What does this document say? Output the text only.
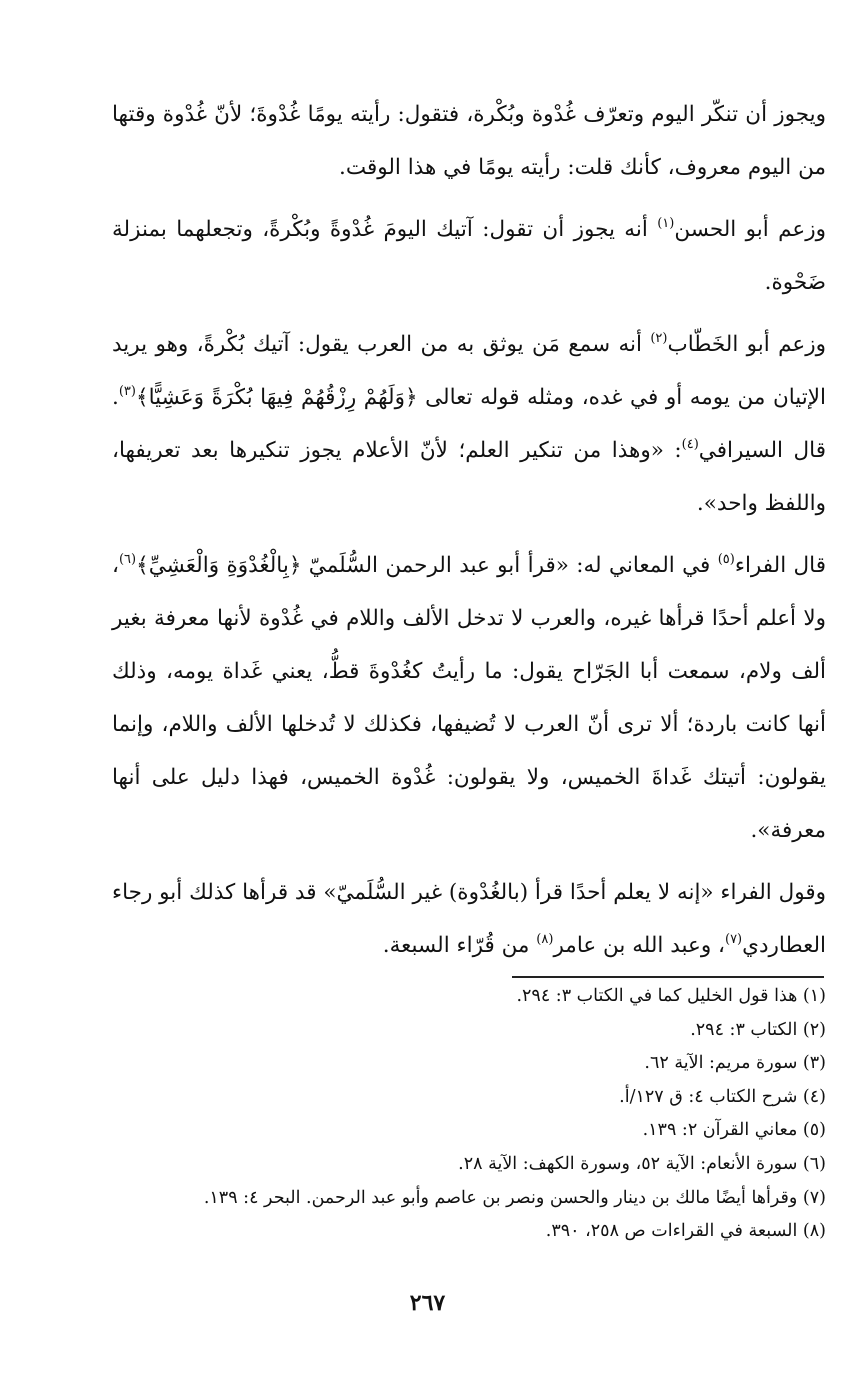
ويجوز أن تنكّر اليوم وتعرّف غُدْوة وبُكْرة، فتقول: رأيته يومًا غُدْوةَ؛ لأنّ غُدْوة وقتها من اليوم معروف، كأنك قلت: رأيته يومًا في هذا الوقت.

وزعم أبو الحسن$^{(١)}$ أنه يجوز أن تقول: آتيك اليومَ غُدْوةً وبُكْرةً، وتجعلهما بمنزلة ضَحْوة.

وزعم أبو الخَطّاب$^{(٢)}$ أنه سمع مَن يوثق به من العرب يقول: آتيك بُكْرةً، وهو يريد الإتيان من يومه أو في غده، ومثله قوله تعالى ﴿وَلَهُمْ رِزْقُهُمْ فِيهَا بُكْرَةً وَعَشِيًّا﴾$^{(٣)}$. قال السيرافي$^{(٤)}$: «وهذا من تنكير العلم؛ لأنّ الأعلام يجوز تنكيرها بعد تعريفها، واللفظ واحد».

قال الفراء$^{(٥)}$ في المعاني له: «قرأ أبو عبد الرحمن السُّلَميّ ﴿بِالْغُدْوَةِ وَالْعَشِيِّ﴾$^{(٦)}$، ولا أعلم أحدًا قرأها غيره، والعرب لا تدخل الألف واللام في غُدْوة لأنها معرفة بغير ألف ولام، سمعت أبا الجَرّاح يقول: ما رأيتُ كغُدْوةَ قطُّ، يعني غَداة يومه، وذلك أنها كانت باردة؛ ألا ترى أنّ العرب لا تُضيفها، فكذلك لا تُدخلها الألف واللام، وإنما يقولون: أتيتك غَداةَ الخميس، ولا يقولون: غُدْوة الخميس، فهذا دليل على أنها معرفة».

وقول الفراء «إنه لا يعلم أحدًا قرأ (بالغُدْوة) غير السُّلَميّ» قد قرأها كذلك أبو رجاء العطاردي$^{(٧)}$، وعبد الله بن عامر$^{(٨)}$ من قُرّاء السبعة.

(١) هذا قول الخليل كما في الكتاب ٣: ٢٩٤.
(٢) الكتاب ٣: ٢٩٤.
(٣) سورة مريم: الآية ٦٢.
(٤) شرح الكتاب ٤: ق ١٢٧/أ.
(٥) معاني القرآن ٢: ١٣٩.
(٦) سورة الأنعام: الآية ٥٢، وسورة الكهف: الآية ٢٨.
(٧) وقرأها أيضًا مالك بن دينار والحسن ونصر بن عاصم وأبو عبد الرحمن. البحر ٤: ١٣٩.
(٨) السبعة في القراءات ص ٢٥٨، ٣٩٠.
٢٦٧
